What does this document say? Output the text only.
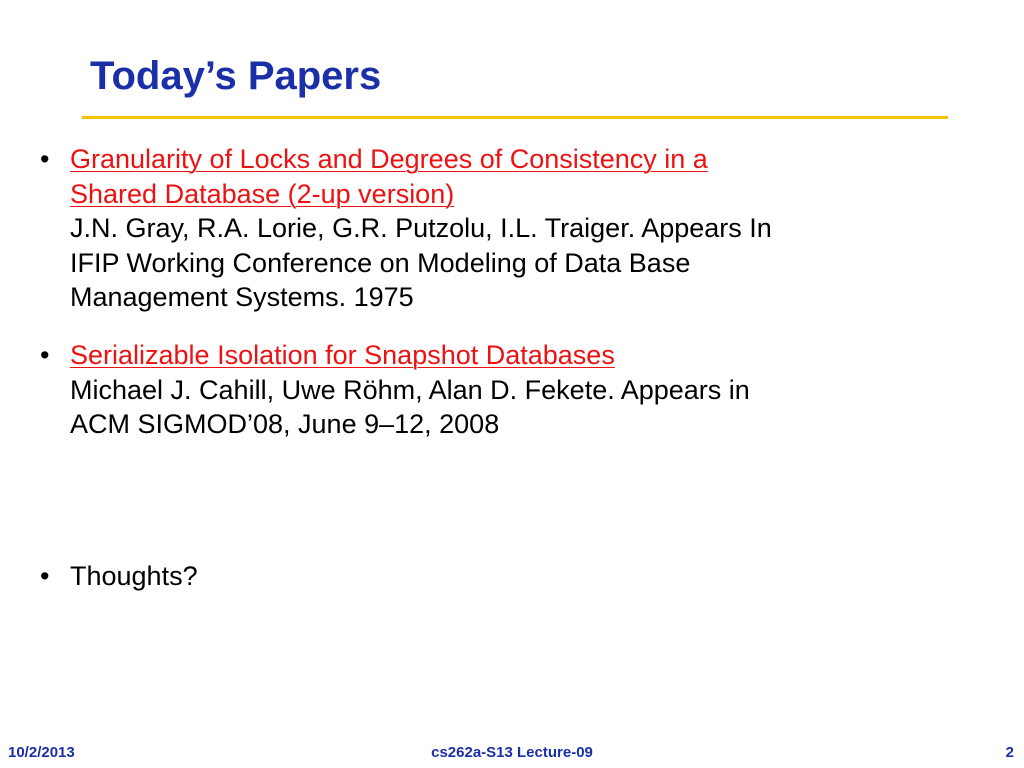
Today’s Papers
• Granularity of Locks and Degrees of Consistency in a
Shared Database (2-up version)
J.N. Gray, R.A. Lorie, G.R. Putzolu, I.L. Traiger. Appears In
IFIP Working Conference on Modeling of Data Base
Management Systems. 1975
• Serializable Isolation for Snapshot Databases
Michael J. Cahill, Uwe Röhm, Alan D. Fekete. Appears in
ACM SIGMOD’08, June 9–12, 2008
• Thoughts?
10/2/2013	cs262a-S13 Lecture-09	2
